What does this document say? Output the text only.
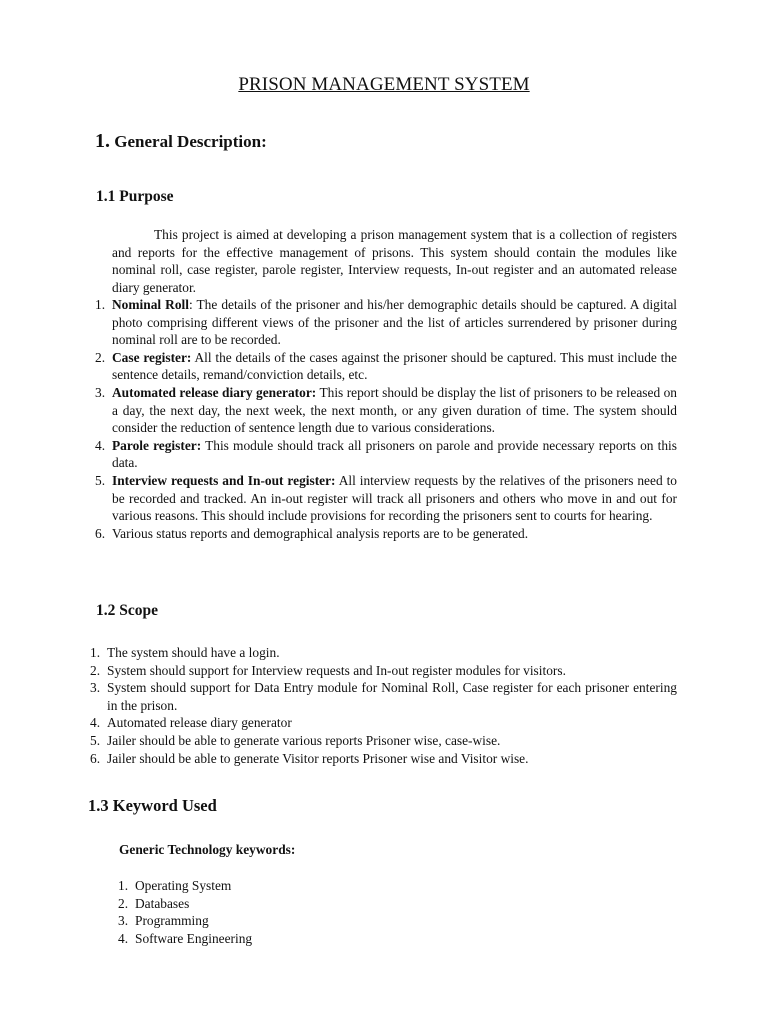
PRISON MANAGEMENT SYSTEM
1. General Description:
1.1 Purpose
This project is aimed at developing a prison management system that is a collection of registers and reports for the effective management of prisons. This system should contain the modules like nominal roll, case register, parole register, Interview requests, In-out register and an automated release diary generator.
1. Nominal Roll: The details of the prisoner and his/her demographic details should be captured. A digital photo comprising different views of the prisoner and the list of articles surrendered by prisoner during nominal roll are to be recorded.
2. Case register: All the details of the cases against the prisoner should be captured. This must include the sentence details, remand/conviction details, etc.
3. Automated release diary generator: This report should be display the list of prisoners to be released on a day, the next day, the next week, the next month, or any given duration of time. The system should consider the reduction of sentence length due to various considerations.
4. Parole register: This module should track all prisoners on parole and provide necessary reports on this data.
5. Interview requests and In-out register: All interview requests by the relatives of the prisoners need to be recorded and tracked. An in-out register will track all prisoners and others who move in and out for various reasons. This should include provisions for recording the prisoners sent to courts for hearing.
6. Various status reports and demographical analysis reports are to be generated.
1.2 Scope
1. The system should have a login.
2. System should support for Interview requests and In-out register modules for visitors.
3. System should support for Data Entry module for Nominal Roll, Case register for each prisoner entering in the prison.
4. Automated release diary generator
5. Jailer should be able to generate various reports Prisoner wise, case-wise.
6. Jailer should be able to generate Visitor reports Prisoner wise and Visitor wise.
1.3 Keyword Used
Generic Technology keywords:
1. Operating System
2. Databases
3. Programming
4. Software Engineering
